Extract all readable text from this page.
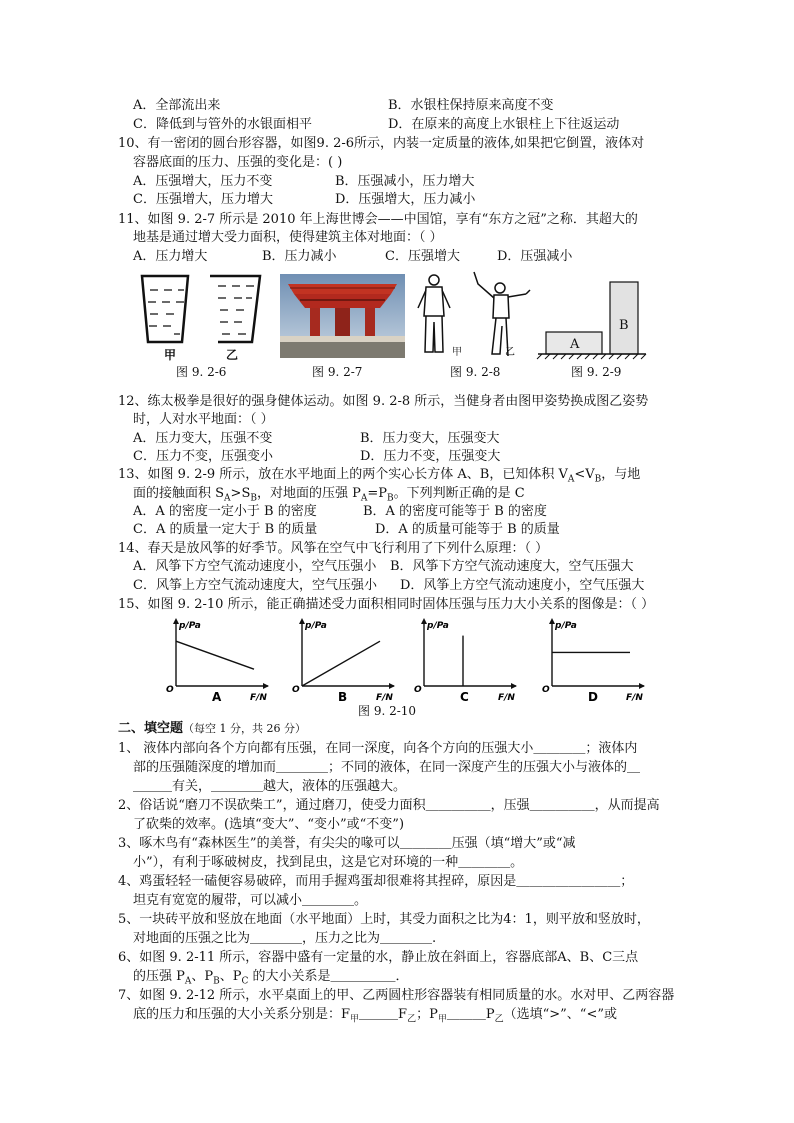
A．全部流出来	B．水银柱保持原来高度不变
C．降低到与管外的水银面相平	D．在原来的高度上水银柱上下往返运动
10、有一密闭的圆台形容器，如图9. 2-6所示，内装一定质量的液体,如果把它倒置，液体对
容器底面的压力、压强的变化是：( )
A．压强增大，压力不变	B．压强减小，压力增大
C．压强增大，压力增大	D．压强增大，压力减小
11、如图 9. 2-7 所示是 2010 年上海世博会——中国馆，享有“东方之冠”之称．其超大的
地基是通过增大受力面积，使得建筑主体对地面：（ ）
A．压力增大	B．压力减小	C．压强增大	D．压强减小
甲	乙
图 9. 2-6	图 9. 2-7
甲	乙
图 9. 2-8
A
B
图 9. 2-9
12、练太极拳是很好的强身健体运动。如图 9. 2-8 所示，当健身者由图甲姿势换成图乙姿势
时，人对水平地面：（ ）
A．压力变大，压强不变	B．压力变大，压强变大
C．压力不变，压强变小	D．压力不变，压强变大
13、如图 9. 2-9 所示，放在水平地面上的两个实心长方体 A、B，已知体积 $V_A<V_B$，与地
面的接触面积 $S_A>S_B$，对地面的压强 $P_A=P_B$。下列判断正确的是 C
A．A 的密度一定小于 B 的密度	B．A 的密度可能等于 B 的密度
C．A 的质量一定大于 B 的质量	D．A 的质量可能等于 B 的质量
14、春天是放风筝的好季节。风筝在空气中飞行利用了下列什么原理：（ ）
A．风筝下方空气流动速度小，空气压强小 B．风筝下方空气流动速度大，空气压强大
C．风筝上方空气流动速度大，空气压强小 D．风筝上方空气流动速度小，空气压强大
15、如图 9. 2-10 所示，能正确描述受力面积相同时固体压强与压力大小关系的图像是：（ ）
p/Pa
F/N
O	A
p/Pa
F/N
O	B
p/Pa
F/N
O	C
p/Pa
F/N
O	D
图 9. 2-10
二、填空题（每空 1 分，共 26 分）
1、 液体内部向各个方向都有压强，在同一深度，向各个方向的压强大小＿＿＿＿；液体内
部的压强随深度的增加而＿＿＿＿；不同的液体，在同一深度产生的压强大小与液体的＿
＿＿＿有关，＿＿＿＿越大，液体的压强越大。
2、俗话说“磨刀不误砍柴工”，通过磨刀，使受力面积＿＿＿＿＿，压强＿＿＿＿＿，从而提高
了砍柴的效率。(选填“变大”、“变小”或“不变”)
3、啄木鸟有“森林医生”的美誉，有尖尖的喙可以＿＿＿＿压强（填“增大”或“减
小”），有利于啄破树皮，找到昆虫，这是它对环境的一种＿＿＿＿。
4、鸡蛋轻轻一磕便容易破碎，而用手握鸡蛋却很难将其捏碎，原因是＿＿＿＿＿＿＿＿；
坦克有宽宽的履带，可以减小＿＿＿＿。
5、一块砖平放和竖放在地面（水平地面）上时，其受力面积之比为4：1，则平放和竖放时，
对地面的压强之比为＿＿＿＿，压力之比为＿＿＿＿.
6、如图 9. 2-11 所示，容器中盛有一定量的水，静止放在斜面上，容器底部A、B、C三点
的压强 $P_A$、$P_B$、$P_C$ 的大小关系是＿＿＿＿＿．
7、如图 9. 2-12 所示，水平桌面上的甲、乙两圆柱形容器装有相同质量的水。水对甲、乙两容器
底的压力和压强的大小关系分别是：$F_甲\_\_\_F_乙$；$P_甲\_\_\_P_乙$（选填“>”、“<”或
